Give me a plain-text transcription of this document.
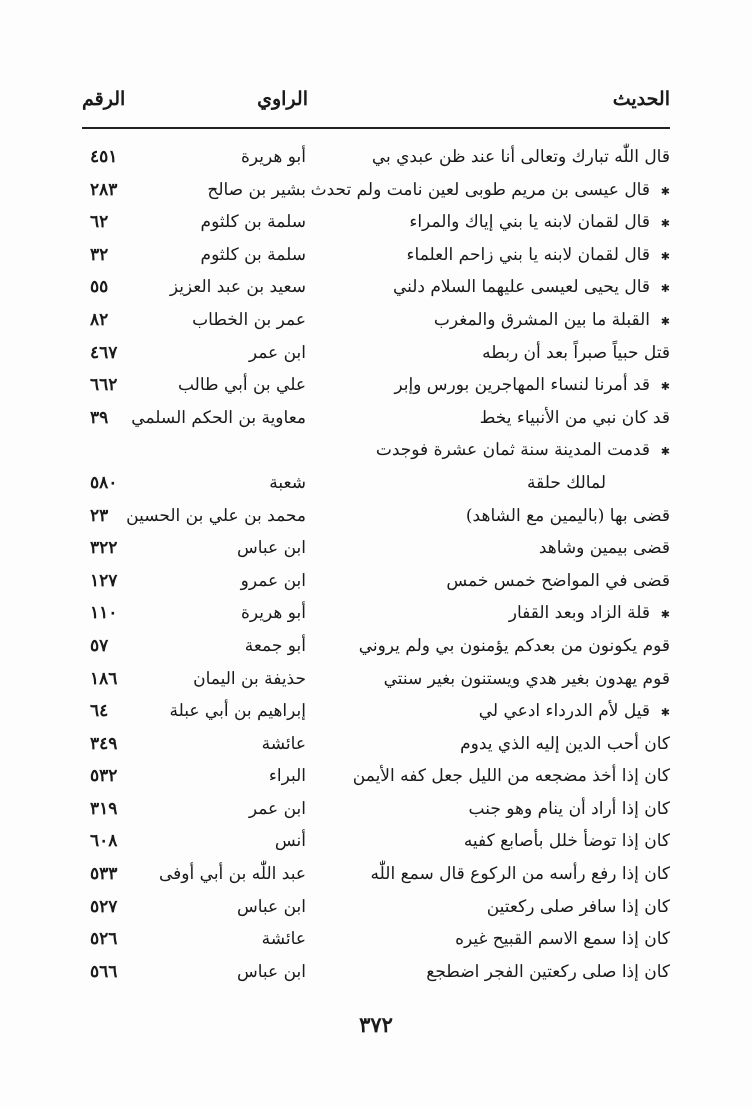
الحديث
الراوي
الرقم
قال اللّٰه تبارك وتعالى أنا عند ظن عبدي بي
أبو هريرة
٤٥١
✱قال عيسى بن مريم طوبى لعين نامت ولم تحدث
بشير بن صالح
٢٨٣
✱قال لقمان لابنه يا بني إياك والمراء
سلمة بن كلثوم
٦٢
✱قال لقمان لابنه يا بني زاحم العلماء
سلمة بن كلثوم
٣٢
✱قال يحيى لعيسى عليهما السلام دلني
سعيد بن عبد العزيز
٥٥
✱القبلة ما بين المشرق والمغرب
عمر بن الخطاب
٨٢
قتل حبياً صبراً بعد أن ربطه
ابن عمر
٤٦٧
✱قد أمرنا لنساء المهاجرين بورس وإبر
علي بن أبي طالب
٦٦٢
قد كان نبي من الأنبياء يخط
معاوية بن الحكم السلمي
٣٩
✱قدمت المدينة سنة ثمان عشرة فوجدت
لمالك حلقة
شعبة
٥٨٠
قضى بها (باليمين مع الشاهد)
محمد بن علي بن الحسين
٢٣
قضى بيمين وشاهد
ابن عباس
٣٢٢
قضى في المواضح خمس خمس
ابن عمرو
١٢٧
✱قلة الزاد وبعد القفار
أبو هريرة
١١٠
قوم يكونون من بعدكم يؤمنون بي ولم يروني
أبو جمعة
٥٧
قوم يهدون بغير هدي ويستنون بغير سنتي
حذيفة بن اليمان
١٨٦
✱قيل لأم الدرداء ادعي لي
إبراهيم بن أبي عبلة
٦٤
كان أحب الدين إليه الذي يدوم
عائشة
٣٤٩
كان إذا أخذ مضجعه من الليل جعل كفه الأيمن
البراء
٥٣٢
كان إذا أراد أن ينام وهو جنب
ابن عمر
٣١٩
كان إذا توضأ خلل بأصابع كفيه
أنس
٦٠٨
كان إذا رفع رأسه من الركوع قال سمع اللّٰه
عبد اللّٰه بن أبي أوفى
٥٣٣
كان إذا سافر صلى ركعتين
ابن عباس
٥٢٧
كان إذا سمع الاسم القبيح غيره
عائشة
٥٢٦
كان إذا صلى ركعتين الفجر اضطجع
ابن عباس
٥٦٦
٣٧٢
